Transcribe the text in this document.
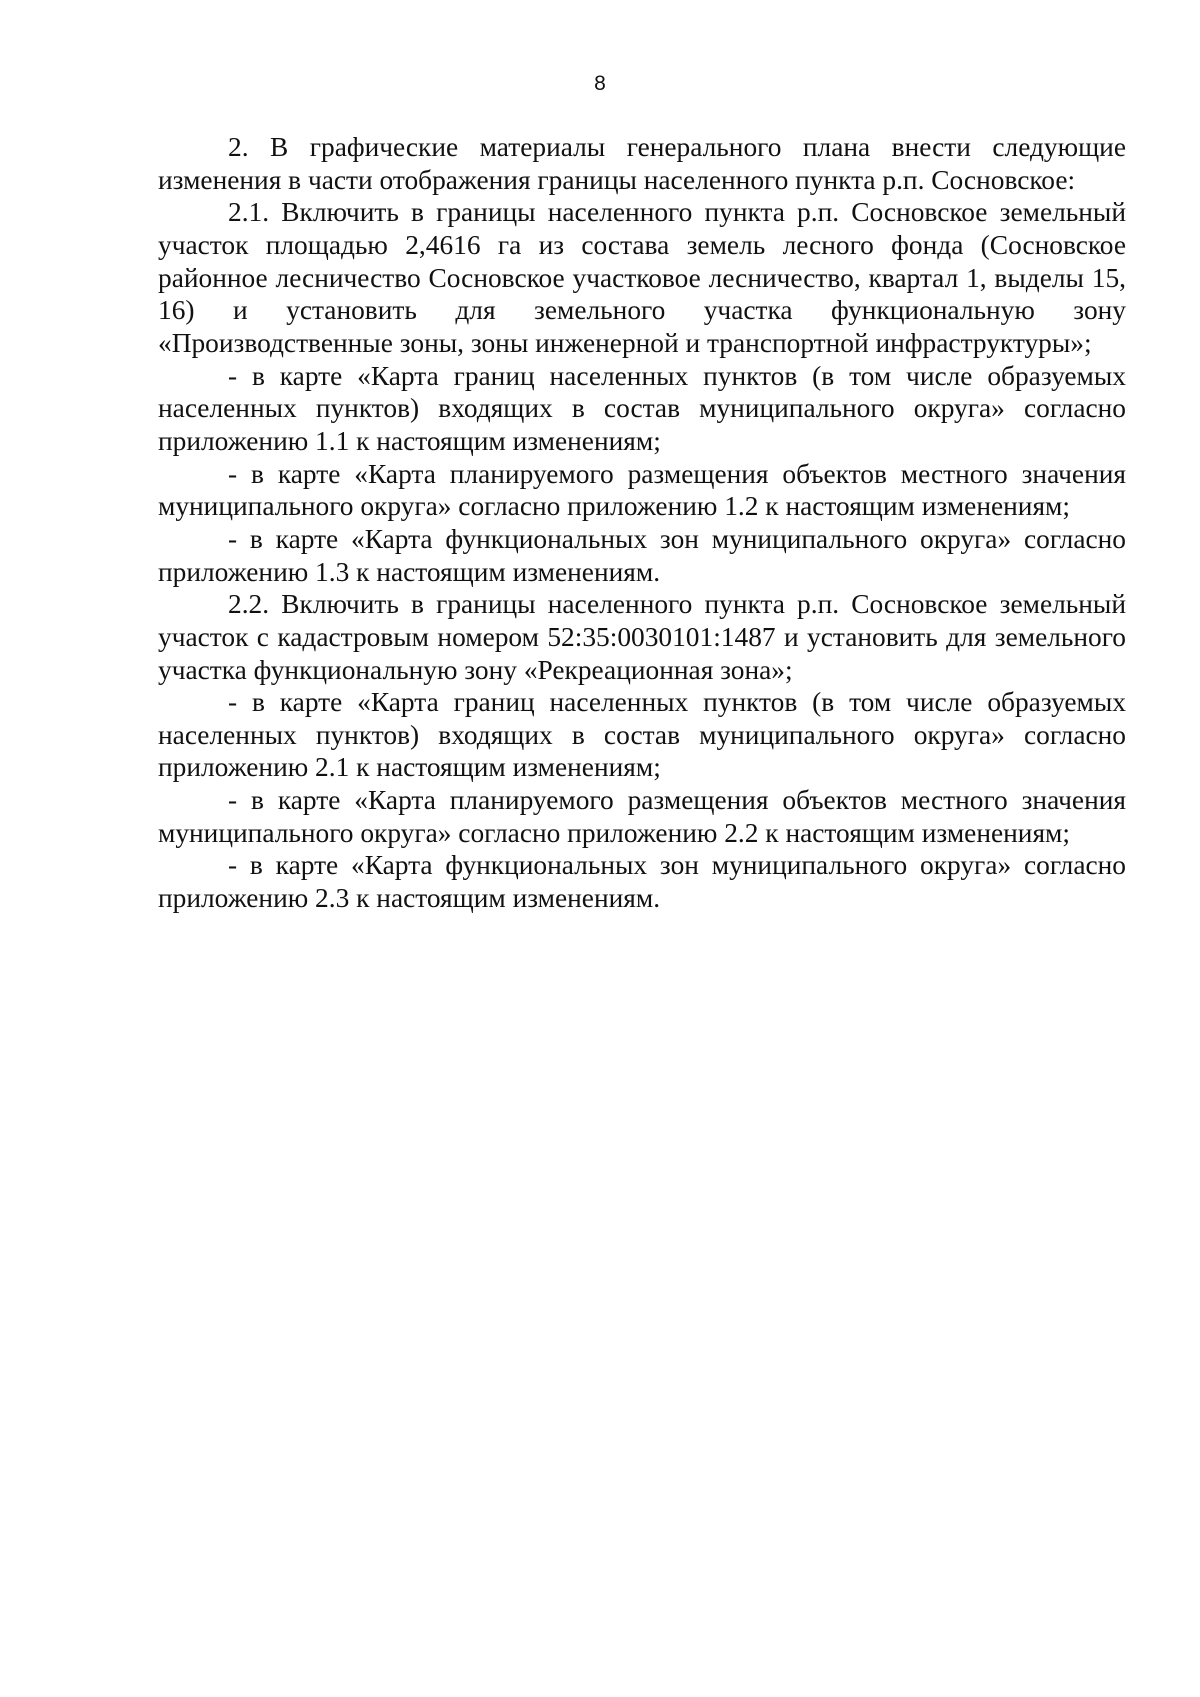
8

2. В графические материалы генерального плана внести следующие изменения в части отображения границы населенного пункта р.п. Сосновское:

2.1. Включить в границы населенного пункта р.п. Сосновское земельный участок площадью 2,4616 га из состава земель лесного фонда (Сосновское районное лесничество Сосновское участковое лесничество, квартал 1, выделы 15, 16) и установить для земельного участка функциональную зону «Производственные зоны, зоны инженерной и транспортной инфраструктуры»;

- в карте «Карта границ населенных пунктов (в том числе образуемых населенных пунктов) входящих в состав муниципального округа» согласно приложению 1.1 к настоящим изменениям;

- в карте «Карта планируемого размещения объектов местного значения муниципального округа» согласно приложению 1.2 к настоящим изменениям;

- в карте «Карта функциональных зон муниципального округа» согласно приложению 1.3 к настоящим изменениям.

2.2. Включить в границы населенного пункта р.п. Сосновское земельный участок с кадастровым номером 52:35:0030101:1487 и установить для земельного участка функциональную зону «Рекреационная зона»;

- в карте «Карта границ населенных пунктов (в том числе образуемых населенных пунктов) входящих в состав муниципального округа» согласно приложению 2.1 к настоящим изменениям;

- в карте «Карта планируемого размещения объектов местного значения муниципального округа» согласно приложению 2.2 к настоящим изменениям;

- в карте «Карта функциональных зон муниципального округа» согласно приложению 2.3 к настоящим изменениям.
